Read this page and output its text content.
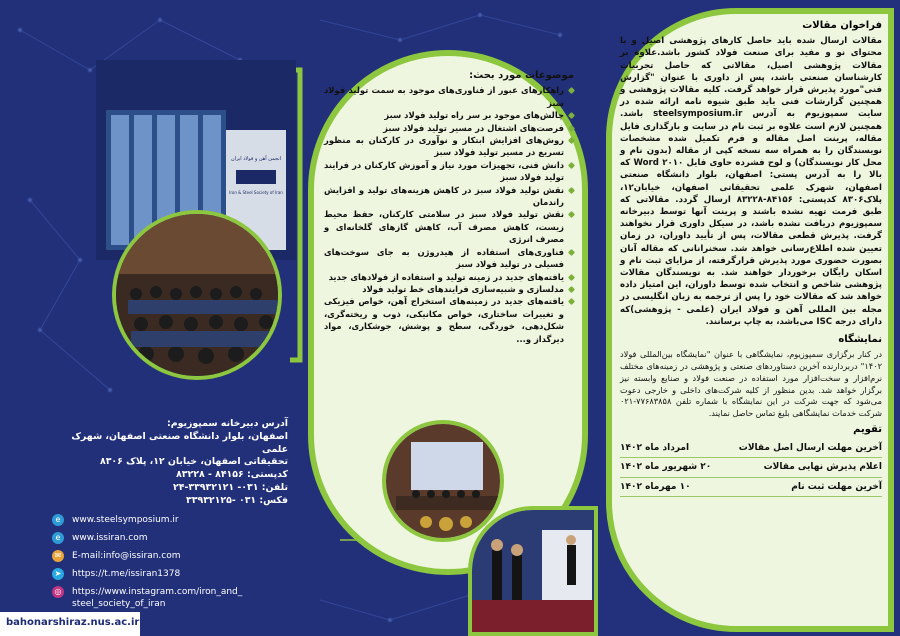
انجمن آهن و فولاد ایران
Iron & Steel Society of Iran
آدرس دبیرخانه سمپوزیوم:
اصفهان، بلوار دانشگاه صنعتی اصفهان، شهرک علمی
تحقیقاتی اصفهان، خیابان ۱۲، پلاک ۸۳۰۶
کدپستی: ۸۴۱۵۶ - ۸۳۲۲۸
تلفن: ۰۳۱- ۳۳۹۳۲۱۲۱-۲۴
فکس: ۰۳۱ -۳۳۹۳۲۱۲۵
e	www.steelsymposium.ir
e	www.issiran.com
✉ E-mail:info@issiran.com
➤ https://t.me/issiran1378
◎ https://www.instagram.com/iron_and_
steel_society_of_iran
bahonarshiraz.nus.ac.ir
موضوعات مورد بحث:
راهکارهای عبور از فناوری‌های موجود به سمت تولید فولاد سبز
چالش‌های موجود بر سر راه تولید فولاد سبز
فرصت‌های اشتغال در مسیر تولید فولاد سبز
روش‌های افزایش ابتکار و نوآوری در کارکنان به منظور تسریع در مسیر تولید فولاد سبز
دانش فنی، تجهیزات مورد نیاز و آموزش کارکنان در فرایند تولید فولاد سبز
نقش تولید فولاد سبز در کاهش هزینه‌های تولید و افزایش راندمان
نقش تولید فولاد سبز در سلامتی کارکنان، حفظ محیط زیست، کاهش مصرف آب، کاهش گازهای گلخانه‌ای و مصرف انرژی
فناوری‌های استفاده از هیدروژن به جای سوخت‌های فسیلی در تولید فولاد سبز
یافته‌های جدید در زمینه تولید و استفاده از فولادهای جدید
مدلسازی و شبیه‌سازی فرایندهای خط تولید فولاد
یافته‌های جدید در زمینه‌های استخراج آهن، خواص فیزیکی و تغییرات ساختاری، خواص مکانیکی، ذوب و ریخته‌گری، شکل‌دهی، خوردگی، سطح و پوشش، جوشکاری، مواد دیرگداز و...
فراخوان مقالات

مقالات ارسال شده باید حاصل کارهای پژوهشی اصیل و با محتوای نو و مفید برای صنعت فولاد کشور باشد.علاوه بر مقالات پژوهشی اصیل، مقالاتی که حاصل تجربیات کارشناسان صنعتی باشد، پس از داوری با عنوان "گزارش فنی"مورد پذیرش قرار خواهد گرفت. کلیه مقالات پژوهشی و همچنین گزارشات فنی باید طبق شیوه نامه ارائه شده در سایت سمپوزیوم به آدرس steelsymposium.ir باشد. همچنین لازم است علاوه بر ثبت نام در سایت و بارگذاری فایل مقاله، پرینت اصل مقاله و فرم تکمیل شده مشخصات نویسندگان را به همراه سه نسخه کپی از مقاله (بدون نام و محل کار نویسندگان) و لوح فشرده حاوی فایل Word ۲۰۱۰ که بالا را به آدرس پستی: اصفهان، بلوار دانشگاه صنعتی اصفهان، شهرک علمی تحقیقاتی اصفهان، خیابان۱۲، پلاک۸۳۰۶ کدپستی: ۸۴۱۵۶-۸۳۲۲۸ ارسال گردد. مقالاتی که طبق فرمت تهیه نشده باشند و پرینت آنها توسط دبیرخانه سمپوزیوم دریافت نشده باشد، در سیکل داوری قرار نخواهند گرفت. پذیرش قطعی مقالات، پس از تأیید داوران، در زمان تعیین شده اطلاع‌رسانی خواهد شد. سخنرانانی که مقاله آنان بصورت حضوری مورد پذیرش قرارگرفته، از مزایای ثبت نام و اسکان رایگان برخوردار خواهند شد. به نویسندگان مقالات پژوهشی شاخص و انتخاب شده توسط داوران، این امتیاز داده خواهد شد که مقالات خود را پس از ترجمه به زبان انگلیسی در مجله بین المللی آهن و فولاد ایران (علمی - پژوهشی)که دارای درجه ISC می‌باشد، به چاپ برسانند.

نمایشگاه

در کنار برگزاری سمپوزیوم، نمایشگاهی با عنوان "نمایشگاه بین‌المللی فولاد ۱۴۰۲" دربردارنده آخرین دستاوردهای صنعتی و پژوهشی در زمینه‌های مختلف نرم‌افزار و سخت‌افزار مورد استفاده در صنعت فولاد و صنایع وابسته نیز برگزار خواهد شد. بدین منظور از کلیه شرکت‌های داخلی و خارجی دعوت می‌شود که جهت شرکت در این نمایشگاه با شماره تلفن ۷۷۶۸۳۸۵۸-۰۲۱ شرکت خدمات نمایشگاهی بلیغ تماس حاصل نمایند.

تقویم
آخرین مهلت ارسال اصل مقالات
امرداد ماه ۱۴۰۲
اعلام پذیرش نهایی مقالات
۲۰ شهریور ماه ۱۴۰۲
آخرین مهلت ثبت نام
۱۰ مهرماه ۱۴۰۲
